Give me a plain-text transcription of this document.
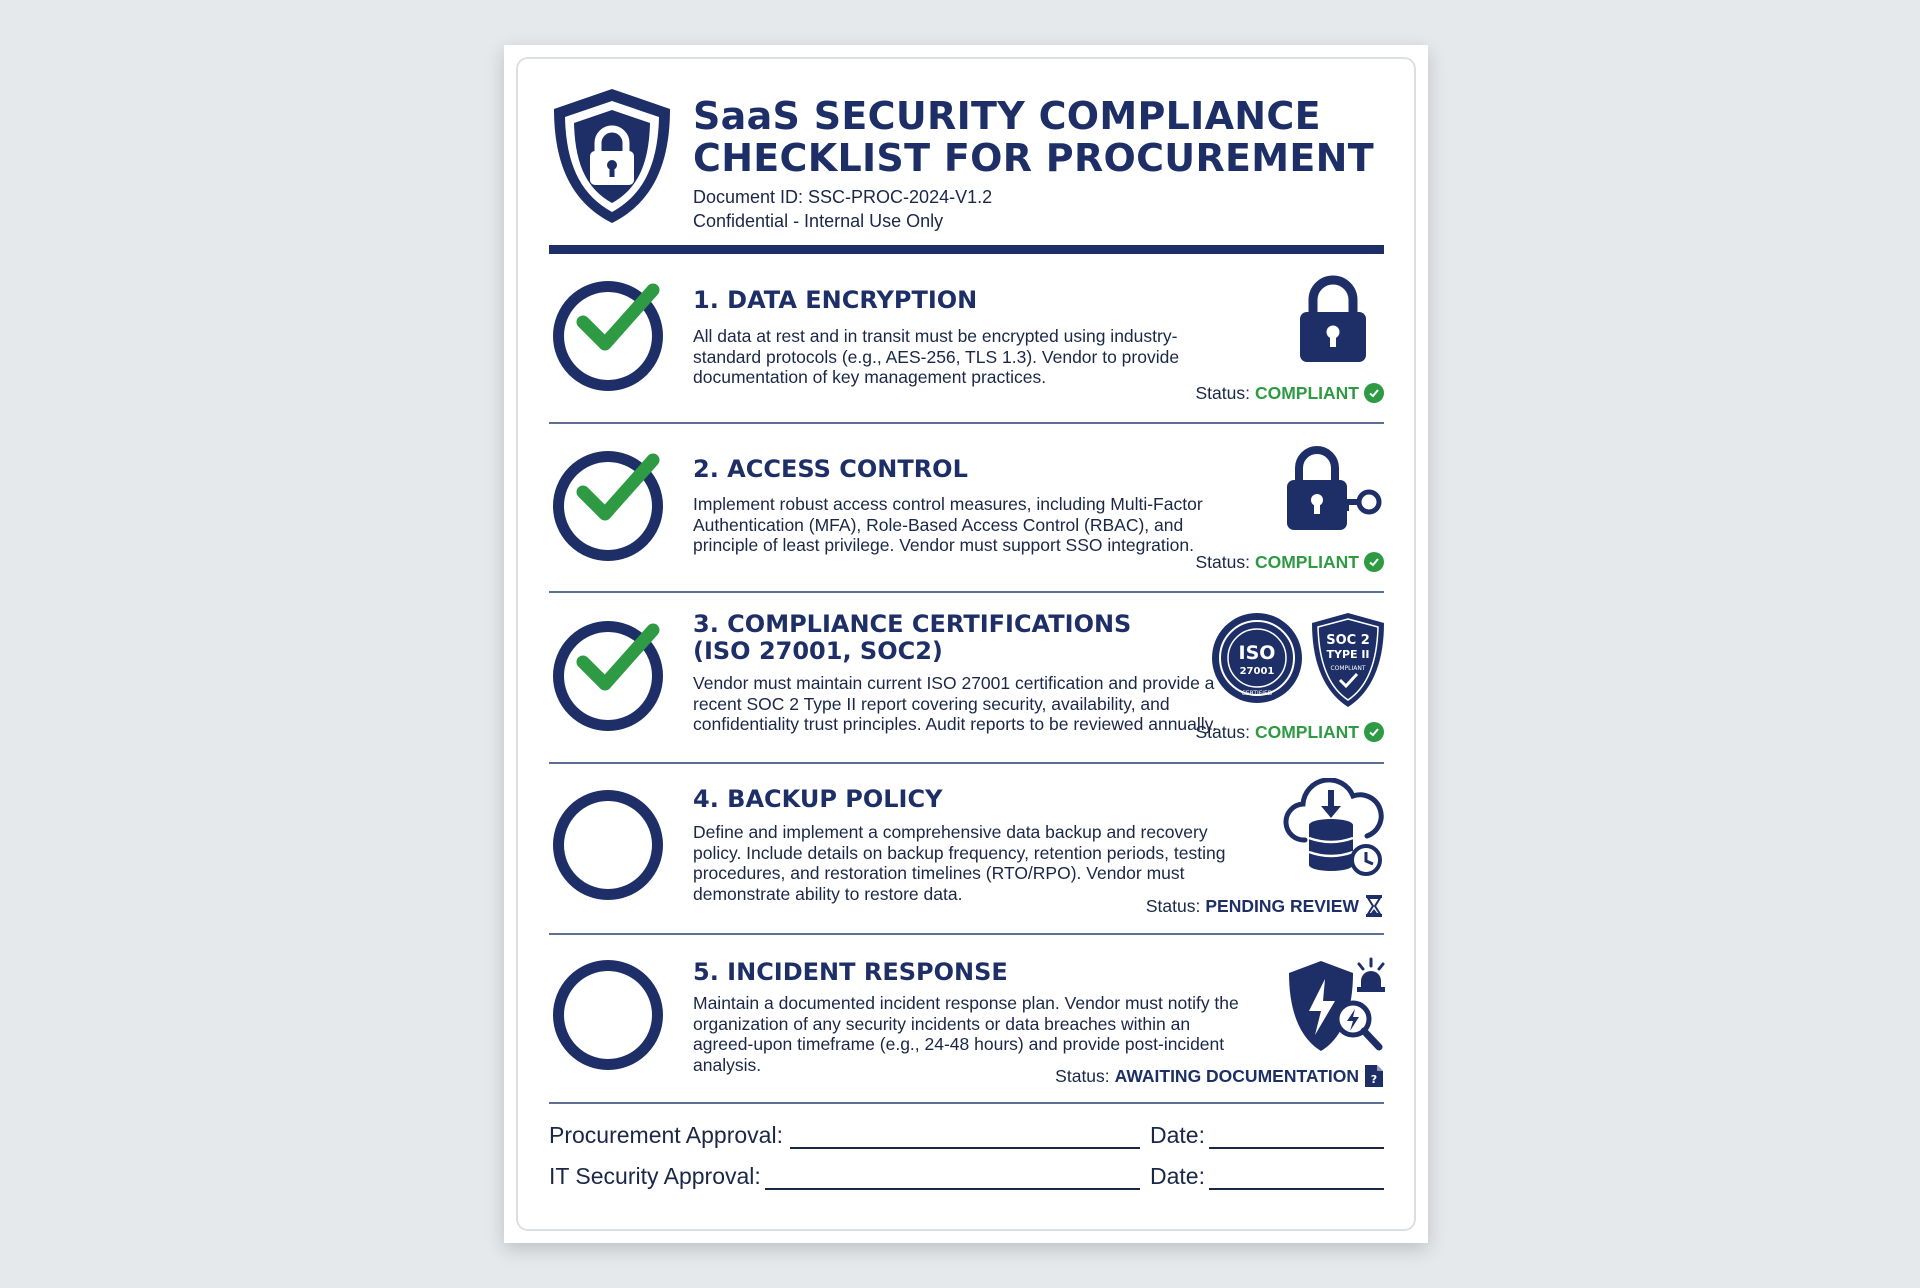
SaaS SECURITY COMPLIANCE
CHECKLIST FOR PROCUREMENT
Document ID: SSC-PROC-2024-V1.2
Confidential - Internal Use Only
1. DATA ENCRYPTION
All data at rest and in transit must be encrypted using industry-standard protocols (e.g., AES-256, TLS 1.3). Vendor to provide documentation of key management practices.
Status: COMPLIANT
2. ACCESS CONTROL
Implement robust access control measures, including Multi-Factor Authentication (MFA), Role-Based Access Control (RBAC), and principle of least privilege. Vendor must support SSO integration.
Status: COMPLIANT
3. COMPLIANCE CERTIFICATIONS
(ISO 27001, SOC2)
Vendor must maintain current ISO 27001 certification and provide a recent SOC 2 Type II report covering security, availability, and confidentiality trust principles. Audit reports to be reviewed annually.
ISO
27001
CERTIFIED
SOC 2
TYPE II
COMPLIANT
Status: COMPLIANT
4. BACKUP POLICY
Define and implement a comprehensive data backup and recovery policy. Include details on backup frequency, retention periods, testing procedures, and restoration timelines (RTO/RPO). Vendor must demonstrate ability to restore data.
Status: PENDING REVIEW
5. INCIDENT RESPONSE
Maintain a documented incident response plan. Vendor must notify the organization of any security incidents or data breaches within an agreed-upon timeframe (e.g., 24-48 hours) and provide post-incident analysis.
Status: AWAITING DOCUMENTATION ?
Procurement Approval:	Date:
IT Security Approval:	Date:
